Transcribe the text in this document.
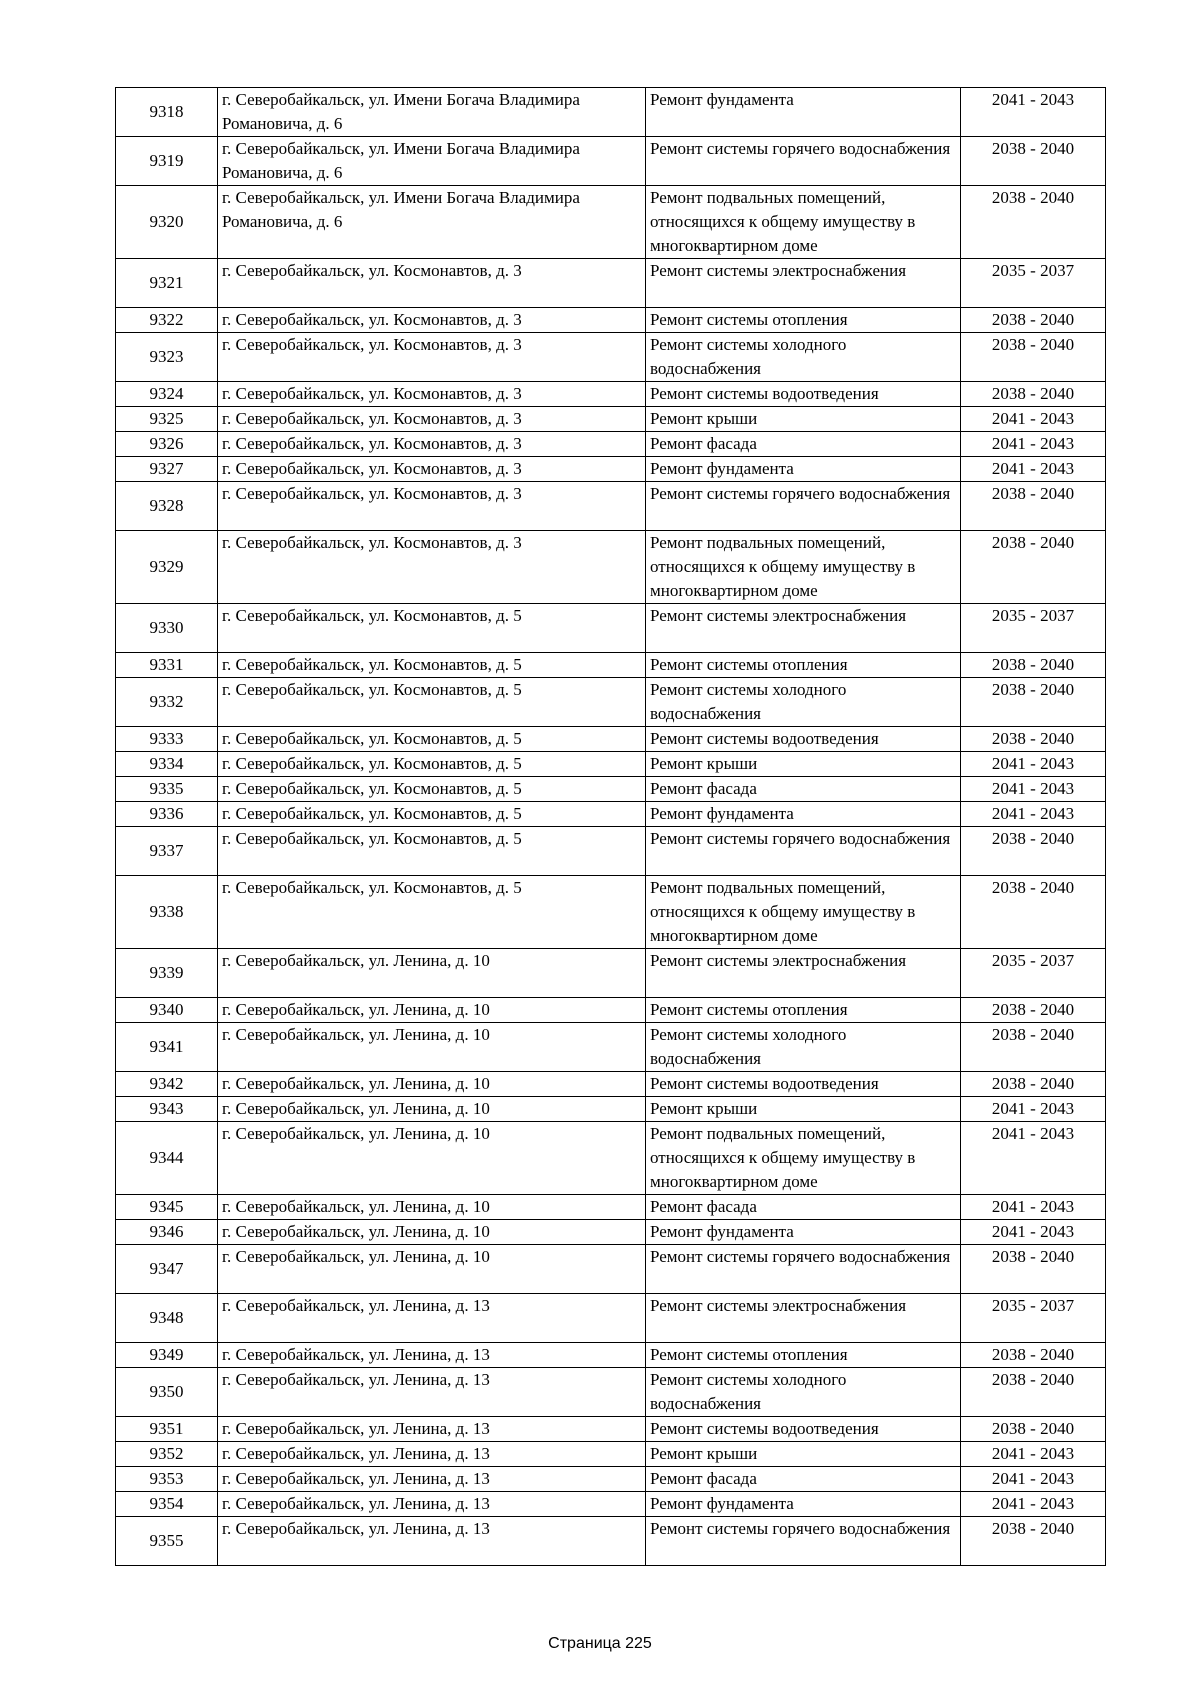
9318	г. Северобайкальск, ул. Имени Богача Владимира Романовича, д. 6	Ремонт фундамента	2041 - 2043
9319	г. Северобайкальск, ул. Имени Богача Владимира Романовича, д. 6	Ремонт системы горячего водоснабжения	2038 - 2040
9320	г. Северобайкальск, ул. Имени Богача Владимира Романовича, д. 6	Ремонт подвальных помещений, относящихся к общему имуществу в многоквартирном доме	2038 - 2040
9321	г. Северобайкальск, ул. Космонавтов, д. 3	Ремонт системы электроснабжения	2035 - 2037
9322	г. Северобайкальск, ул. Космонавтов, д. 3	Ремонт системы отопления	2038 - 2040
9323	г. Северобайкальск, ул. Космонавтов, д. 3	Ремонт системы холодного водоснабжения	2038 - 2040
9324	г. Северобайкальск, ул. Космонавтов, д. 3	Ремонт системы водоотведения	2038 - 2040
9325	г. Северобайкальск, ул. Космонавтов, д. 3	Ремонт крыши	2041 - 2043
9326	г. Северобайкальск, ул. Космонавтов, д. 3	Ремонт фасада	2041 - 2043
9327	г. Северобайкальск, ул. Космонавтов, д. 3	Ремонт фундамента	2041 - 2043
9328	г. Северобайкальск, ул. Космонавтов, д. 3	Ремонт системы горячего водоснабжения	2038 - 2040
9329	г. Северобайкальск, ул. Космонавтов, д. 3	Ремонт подвальных помещений, относящихся к общему имуществу в многоквартирном доме	2038 - 2040
9330	г. Северобайкальск, ул. Космонавтов, д. 5	Ремонт системы электроснабжения	2035 - 2037
9331	г. Северобайкальск, ул. Космонавтов, д. 5	Ремонт системы отопления	2038 - 2040
9332	г. Северобайкальск, ул. Космонавтов, д. 5	Ремонт системы холодного водоснабжения	2038 - 2040
9333	г. Северобайкальск, ул. Космонавтов, д. 5	Ремонт системы водоотведения	2038 - 2040
9334	г. Северобайкальск, ул. Космонавтов, д. 5	Ремонт крыши	2041 - 2043
9335	г. Северобайкальск, ул. Космонавтов, д. 5	Ремонт фасада	2041 - 2043
9336	г. Северобайкальск, ул. Космонавтов, д. 5	Ремонт фундамента	2041 - 2043
9337	г. Северобайкальск, ул. Космонавтов, д. 5	Ремонт системы горячего водоснабжения	2038 - 2040
9338	г. Северобайкальск, ул. Космонавтов, д. 5	Ремонт подвальных помещений, относящихся к общему имуществу в многоквартирном доме	2038 - 2040
9339	г. Северобайкальск, ул. Ленина, д. 10	Ремонт системы электроснабжения	2035 - 2037
9340	г. Северобайкальск, ул. Ленина, д. 10	Ремонт системы отопления	2038 - 2040
9341	г. Северобайкальск, ул. Ленина, д. 10	Ремонт системы холодного водоснабжения	2038 - 2040
9342	г. Северобайкальск, ул. Ленина, д. 10	Ремонт системы водоотведения	2038 - 2040
9343	г. Северобайкальск, ул. Ленина, д. 10	Ремонт крыши	2041 - 2043
9344	г. Северобайкальск, ул. Ленина, д. 10	Ремонт подвальных помещений, относящихся к общему имуществу в многоквартирном доме	2041 - 2043
9345	г. Северобайкальск, ул. Ленина, д. 10	Ремонт фасада	2041 - 2043
9346	г. Северобайкальск, ул. Ленина, д. 10	Ремонт фундамента	2041 - 2043
9347	г. Северобайкальск, ул. Ленина, д. 10	Ремонт системы горячего водоснабжения	2038 - 2040
9348	г. Северобайкальск, ул. Ленина, д. 13	Ремонт системы электроснабжения	2035 - 2037
9349	г. Северобайкальск, ул. Ленина, д. 13	Ремонт системы отопления	2038 - 2040
9350	г. Северобайкальск, ул. Ленина, д. 13	Ремонт системы холодного водоснабжения	2038 - 2040
9351	г. Северобайкальск, ул. Ленина, д. 13	Ремонт системы водоотведения	2038 - 2040
9352	г. Северобайкальск, ул. Ленина, д. 13	Ремонт крыши	2041 - 2043
9353	г. Северобайкальск, ул. Ленина, д. 13	Ремонт фасада	2041 - 2043
9354	г. Северобайкальск, ул. Ленина, д. 13	Ремонт фундамента	2041 - 2043
9355	г. Северобайкальск, ул. Ленина, д. 13	Ремонт системы горячего водоснабжения	2038 - 2040
Страница 225
